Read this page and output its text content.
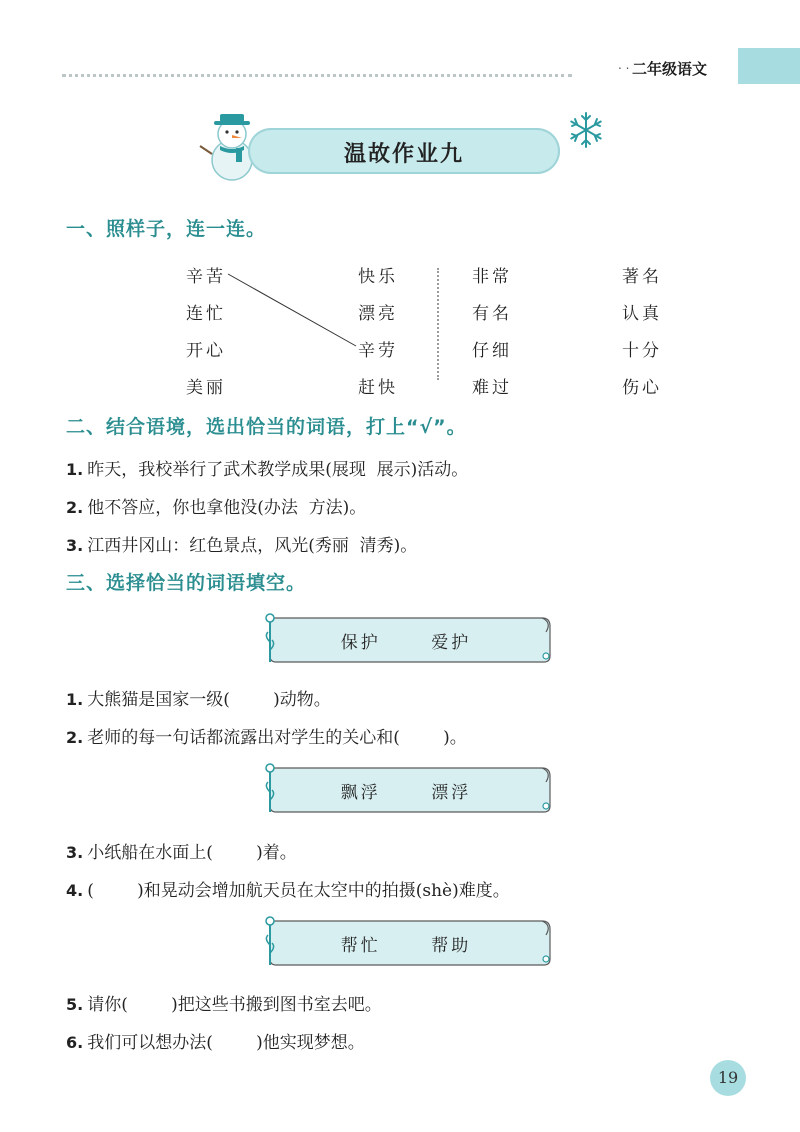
. . 二年级语文
温故作业九
一、照样子，连一连。
辛苦
连忙
开心
美丽
快乐
漂亮
辛劳
赶快
非常
有名
仔细
难过
著名
认真
十分
伤心
二、结合语境，选出恰当的词语，打上“√”。
1. 昨天，我校举行了武术教学成果(展现  展示)活动。
2. 他不答应，你也拿他没(办法  方法)。
3. 江西井冈山：红色景点，风光(秀丽  清秀)。
三、选择恰当的词语填空。
保护      爱护
1. 大熊猫是国家一级(        )动物。
2. 老师的每一句话都流露出对学生的关心和(        )。
飘浮      漂浮
3. 小纸船在水面上(        )着。
4. (        )和晃动会增加航天员在太空中的拍摄(shè)难度。
帮忙      帮助
5. 请你(        )把这些书搬到图书室去吧。
6. 我们可以想办法(        )他实现梦想。
19
